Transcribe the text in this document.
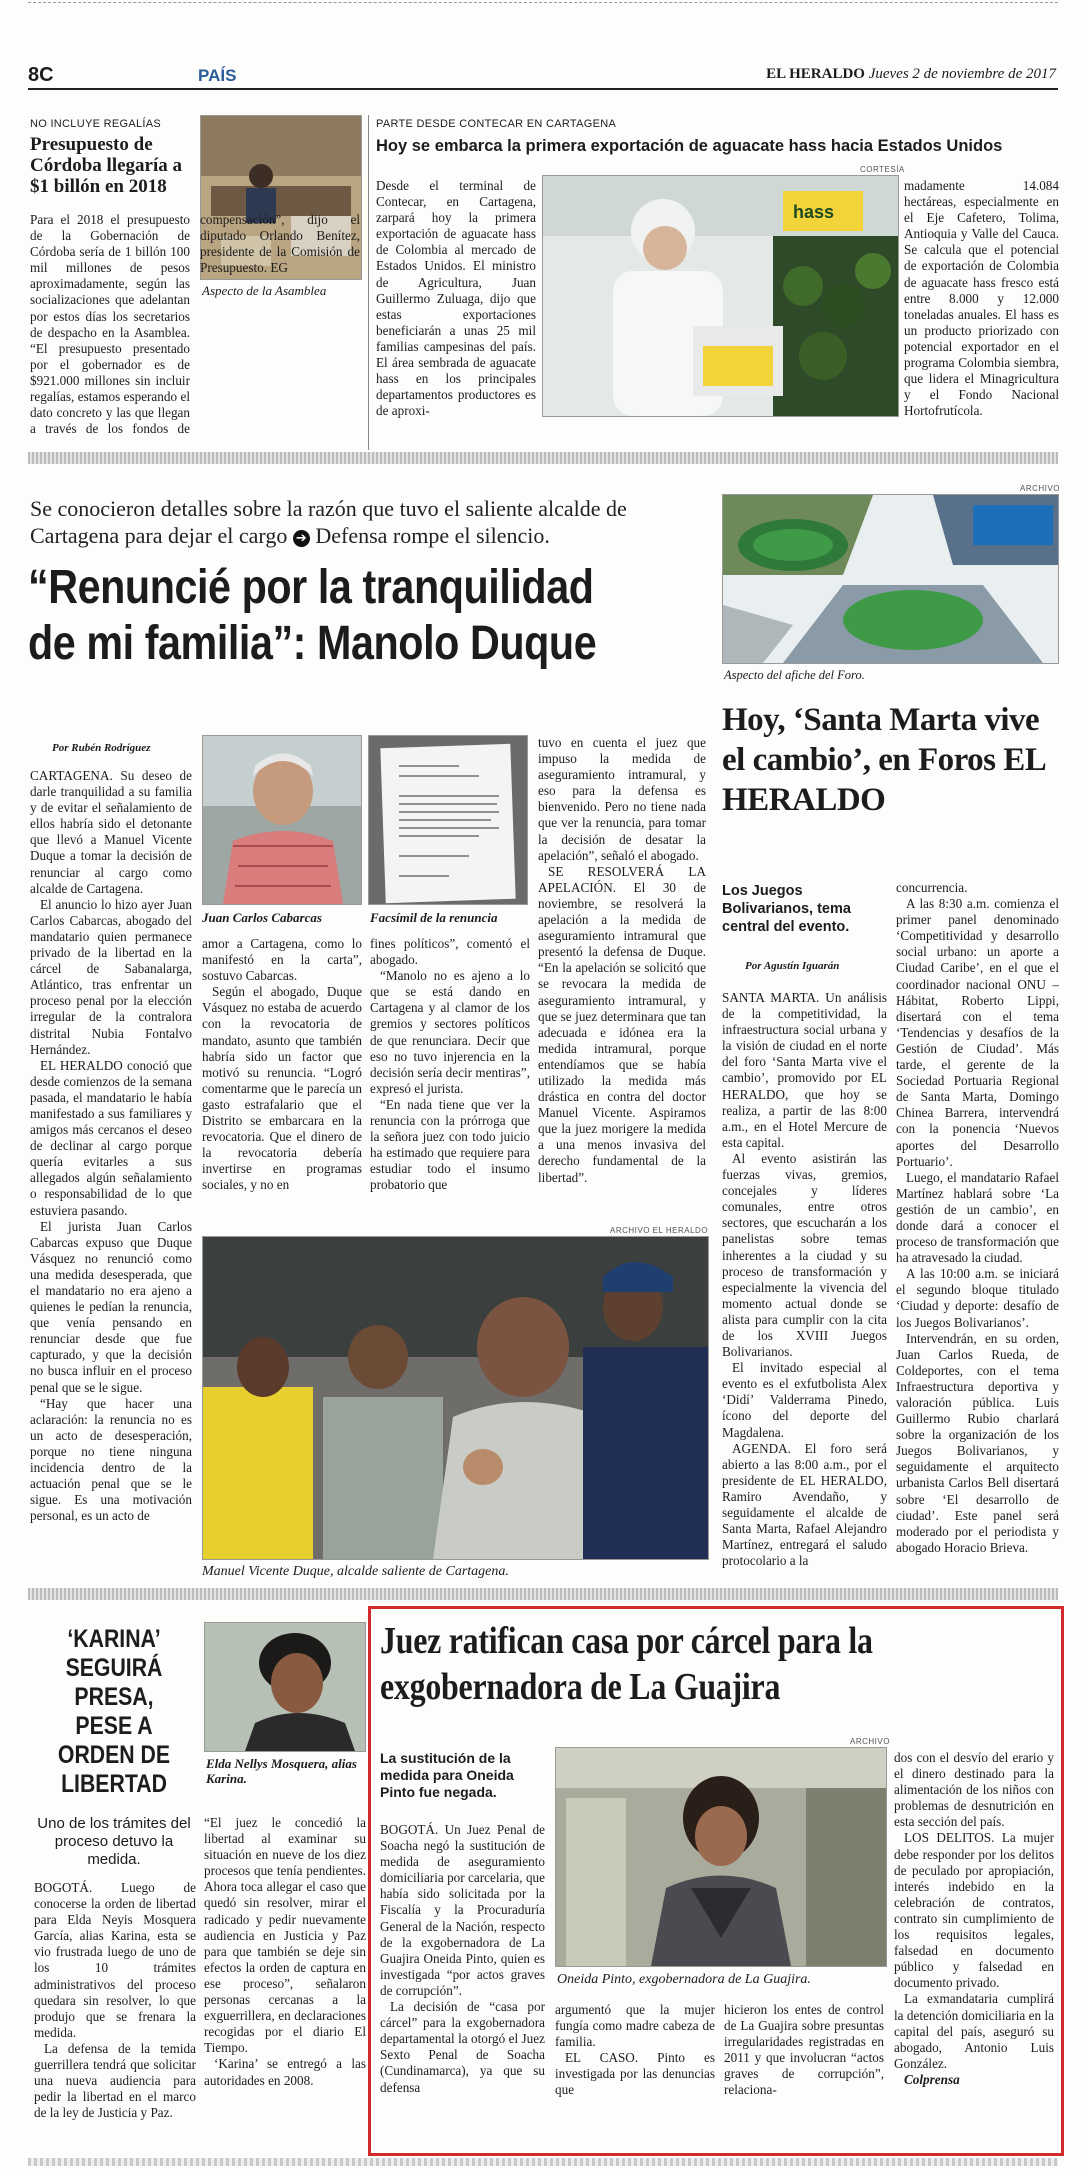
8C	PAÍS	EL HERALDO Jueves 2 de noviembre de 2017
NO INCLUYE REGALÍAS
Presupuesto de Córdoba llegaría a $1 billón en 2018
Aspecto de la Asamblea

Para el 2018 el presupuesto de la Gobernación de Córdoba sería de 1 billón 100 mil millones de pesos aproximadamente, según las socializaciones que adelantan por estos días los secretarios de despacho en la Asamblea. “El presupuesto presentado por el gobernador es de $921.000 millones sin incluir regalías, estamos esperando el dato concreto y las que llegan a través de los fondos de compensación”, dijo el diputado Orlando Benítez, presidente de la Comisión de Presupuesto. EG

PARTE DESDE CONTECAR EN CARTAGENA
Hoy se embarca la primera exportación de aguacate hass hacia Estados Unidos
CORTESÍA

Desde el terminal de Contecar, en Cartagena, zarpará hoy la primera exportación de aguacate hass de Colombia al mercado de Estados Unidos. El ministro de Agricultura, Juan Guillermo Zuluaga, dijo que estas exportaciones beneficiarán a unas 25 mil familias campesinas del país. El área sembrada de aguacate hass en los principales departamentos productores es de aproxi-

hass

madamente 14.084 hectáreas, especialmente en el Eje Cafetero, Tolima, Antioquia y Valle del Cauca. Se calcula que el potencial de exportación de Colombia de aguacate hass fresco está entre 8.000 y 12.000 toneladas anuales. El hass es un producto priorizado con potencial exportador en el programa Colombia siembra, que lidera el Minagricultura y el Fondo Nacional Hortofrutícola.

Se conocieron detalles sobre la razón que tuvo el saliente alcalde de Cartagena para dejar el cargo ➔ Defensa rompe el silencio.
“Renuncié por la tranquilidad
de mi familia”: Manolo Duque
Por Rubén Rodríguez
Juan Carlos Cabarcas	Facsímil de la renuncia

CARTAGENA. Su deseo de darle tranquilidad a su familia y de evitar el señalamiento de ellos habría sido el detonante que llevó a Manuel Vicente Duque a tomar la decisión de renunciar al cargo como alcalde de Cartagena.

El anuncio lo hizo ayer Juan Carlos Cabarcas, abogado del mandatario quien permanece privado de la libertad en la cárcel de Sabanalarga, Atlántico, tras enfrentar un proceso penal por la elección irregular de la contralora distrital Nubia Fontalvo Hernández.

EL HERALDO conoció que desde comienzos de la semana pasada, el mandatario le había manifestado a sus familiares y amigos más cercanos el deseo de declinar al cargo porque quería evitarles a sus allegados algún señalamiento o responsabilidad de lo que estuviera pasando.

El jurista Juan Carlos Cabarcas expuso que Duque Vásquez no renunció como una medida desesperada, que el mandatario no era ajeno a quienes le pedían la renuncia, que venía pensando en renunciar desde que fue capturado, y que la decisión no busca influir en el proceso penal que se le sigue.

“Hay que hacer una aclaración: la renuncia no es un acto de desesperación, porque no tiene ninguna incidencia dentro de la actuación penal que se le sigue. Es una motivación personal, es un acto de

amor a Cartagena, como lo manifestó en la carta”, sostuvo Cabarcas.

Según el abogado, Duque Vásquez no estaba de acuerdo con la revocatoria de mandato, asunto que también habría sido un factor que motivó su renuncia. “Logró comentarme que le parecía un gasto estrafalario que el Distrito se embarcara en la revocatoria. Que el dinero de la revocatoria debería invertirse en programas sociales, y no en

fines políticos”, comentó el abogado.

“Manolo no es ajeno a lo que se está dando en Cartagena y al clamor de los gremios y sectores políticos de que renunciara. Decir que eso no tuvo injerencia en la decisión sería decir mentiras”, expresó el jurista.

“En nada tiene que ver la renuncia con la prórroga que la señora juez con todo juicio ha estimado que requiere para estudiar todo el insumo probatorio que

tuvo en cuenta el juez que impuso la medida de aseguramiento intramural, y eso para la defensa es bienvenido. Pero no tiene nada que ver la renuncia, para tomar la decisión de desatar la apelación”, señaló el abogado.

SE RESOLVERÁ LA APELACIÓN. El 30 de noviembre, se resolverá la apelación a la medida de aseguramiento intramural que presentó la defensa de Duque. “En la apelación se solicitó que se revocara la medida de aseguramiento intramural, y que se juez determinara que tan adecuada e idónea era la medida intramural, porque entendíamos que se había utilizado la medida más drástica en contra del doctor Manuel Vicente. Aspiramos que la juez morigere la medida a una menos invasiva del derecho fundamental de la libertad”.

ARCHIVO EL HERALDO
Manuel Vicente Duque, alcalde saliente de Cartagena.
ARCHIVO
Aspecto del afiche del Foro.
Hoy, ‘Santa Marta vive el cambio’, en Foros EL HERALDO
Los Juegos Bolivarianos, tema central del evento.
Por Agustín Iguarán

SANTA MARTA. Un análisis de la competitividad, la infraestructura social urbana y la visión de ciudad en el norte del foro ‘Santa Marta vive el cambio’, promovido por EL HERALDO, que hoy se realiza, a partir de las 8:00 a.m., en el Hotel Mercure de esta capital.

Al evento asistirán las fuerzas vivas, gremios, concejales y líderes comunales, entre otros sectores, que escucharán a los panelistas sobre temas inherentes a la ciudad y su proceso de transformación y especialmente la vivencia del momento actual donde se alista para cumplir con la cita de los XVIII Juegos Bolivarianos.

El invitado especial al evento es el exfutbolista Alex ‘Didí’ Valderrama Pinedo, ícono del deporte del Magdalena.

AGENDA. El foro será abierto a las 8:00 a.m., por el presidente de EL HERALDO, Ramiro Avendaño, y seguidamente el alcalde de Santa Marta, Rafael Alejandro Martínez, entregará el saludo protocolario a la

concurrencia.

A las 8:30 a.m. comienza el primer panel denominado ‘Competitividad y desarrollo social urbano: un aporte a Ciudad Caribe’, en el que el coordinador nacional ONU – Hábitat, Roberto Lippi, disertará con el tema ‘Tendencias y desafíos de la Gestión de Ciudad’. Más tarde, el gerente de la Sociedad Portuaria Regional de Santa Marta, Domingo Chinea Barrera, intervendrá con la ponencia ‘Nuevos aportes del Desarrollo Portuario’.

Luego, el mandatario Rafael Martínez hablará sobre ‘La gestión de un cambio’, en donde dará a conocer el proceso de transformación que ha atravesado la ciudad.

A las 10:00 a.m. se iniciará el segundo bloque titulado ‘Ciudad y deporte: desafío de los Juegos Bolivarianos’.

Intervendrán, en su orden, Juan Carlos Rueda, de Coldeportes, con el tema Infraestructura deportiva y valoración pública. Luis Guillermo Rubio charlará sobre la organización de los Juegos Bolivarianos, y seguidamente el arquitecto urbanista Carlos Bell disertará sobre ‘El desarrollo de ciudad’. Este panel será moderado por el periodista y abogado Horacio Brieva.

‘KARINA’ SEGUIRÁ PRESA, PESE A ORDEN DE LIBERTAD
Uno de los trámites del proceso detuvo la medida.
Elda Nellys Mosquera, alias Karina.

BOGOTÁ. Luego de conocerse la orden de libertad para Elda Neyis Mosquera García, alias Karina, esta se vio frustrada luego de uno de los 10 trámites administrativos del proceso quedara sin resolver, lo que produjo que se frenara la medida.

La defensa de la temida guerrillera tendrá que solicitar una nueva audiencia para pedir la libertad en el marco de la ley de Justicia y Paz.

“El juez le concedió la libertad al examinar su situación en nueve de los diez procesos que tenía pendientes. Ahora toca allegar el caso que quedó sin resolver, mirar el radicado y pedir nuevamente audiencia en Justicia y Paz para que también se deje sin efectos la orden de captura en ese proceso”, señalaron personas cercanas a la exguerrillera, en declaraciones recogidas por el diario El Tiempo.

‘Karina’ se entregó a las autoridades en 2008.

Juez ratifican casa por cárcel para la exgobernadora de La Guajira
La sustitución de la medida para Oneida Pinto fue negada.
ARCHIVO
Oneida Pinto, exgobernadora de La Guajira.

BOGOTÁ. Un Juez Penal de Soacha negó la sustitución de medida de aseguramiento domiciliaria por carcelaria, que había sido solicitada por la Fiscalía y la Procuraduría General de la Nación, respecto de la exgobernadora de La Guajira Oneida Pinto, quien es investigada “por actos graves de corrupción”.

La decisión de “casa por cárcel” para la exgobernadora departamental la otorgó el Juez Sexto Penal de Soacha (Cundinamarca), ya que su defensa

argumentó que la mujer fungía como madre cabeza de familia.

EL CASO. Pinto es investigada por las denuncias que

hicieron los entes de control de La Guajira sobre presuntas irregularidades registradas en 2011 y que involucran “actos graves de corrupción”, relaciona-

dos con el desvío del erario y el dinero destinado para la alimentación de los niños con problemas de desnutrición en esta sección del país.

LOS DELITOS. La mujer debe responder por los delitos de peculado por apropiación, interés indebido en la celebración de contratos, contrato sin cumplimiento de los requisitos legales, falsedad en documento público y falsedad en documento privado.

La exmandataria cumplirá la detención domiciliaria en la capital del país, aseguró su abogado, Antonio Luis González.

Colprensa
